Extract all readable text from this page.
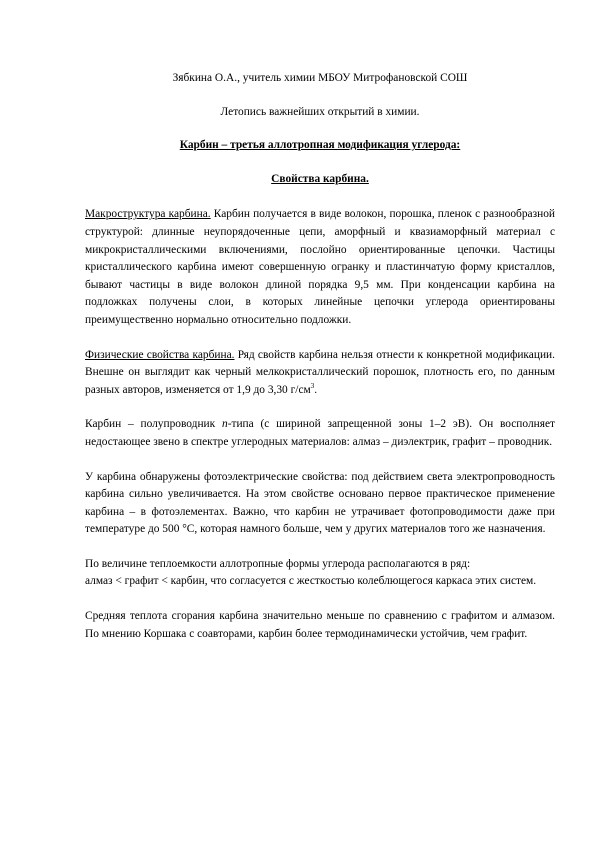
Зябкина О.А., учитель химии МБОУ Митрофановской СОШ

Летопись важнейших открытий в химии.

Карбин – третья аллотропная модификация углерода:

Свойства карбина.

Макроструктура карбина. Карбин получается в виде волокон, порошка, пленок с разнообразной структурой: длинные неупорядоченные цепи, аморфный и квазиаморфный материал с микрокристаллическими включениями, послойно ориентированные цепочки. Частицы кристаллического карбина имеют совершенную огранку и пластинчатую форму кристаллов, бывают частицы в виде волокон длиной порядка 9,5 мм. При конденсации карбина на подложках получены слои, в которых линейные цепочки углерода ориентированы преимущественно нормально относительно подложки.

Физические свойства карбина. Ряд свойств карбина нельзя отнести к конкретной модификации. Внешне он выглядит как черный мелкокристаллический порошок, плотность его, по данным разных авторов, изменяется от 1,9 до 3,30 $г/см^3$.

Карбин – полупроводник n-типа (с шириной запрещенной зоны 1–2 эВ). Он восполняет недостающее звено в спектре углеродных материалов: алмаз – диэлектрик, графит – проводник.

У карбина обнаружены фотоэлектрические свойства: под действием света электропроводность карбина сильно увеличивается. На этом свойстве основано первое практическое применение карбина – в фотоэлементах. Важно, что карбин не утрачивает фотопроводимости даже при температуре до 500 °С, которая намного больше, чем у других материалов того же назначения.

По величине теплоемкости аллотропные формы углерода располагаются в ряд:
алмаз < графит < карбин, что согласуется с жесткостью колеблющегося каркаса этих систем.

Средняя теплота сгорания карбина значительно меньше по сравнению с графитом и алмазом. По мнению Коршака с соавторами, карбин более термодинамически устойчив, чем графит.
